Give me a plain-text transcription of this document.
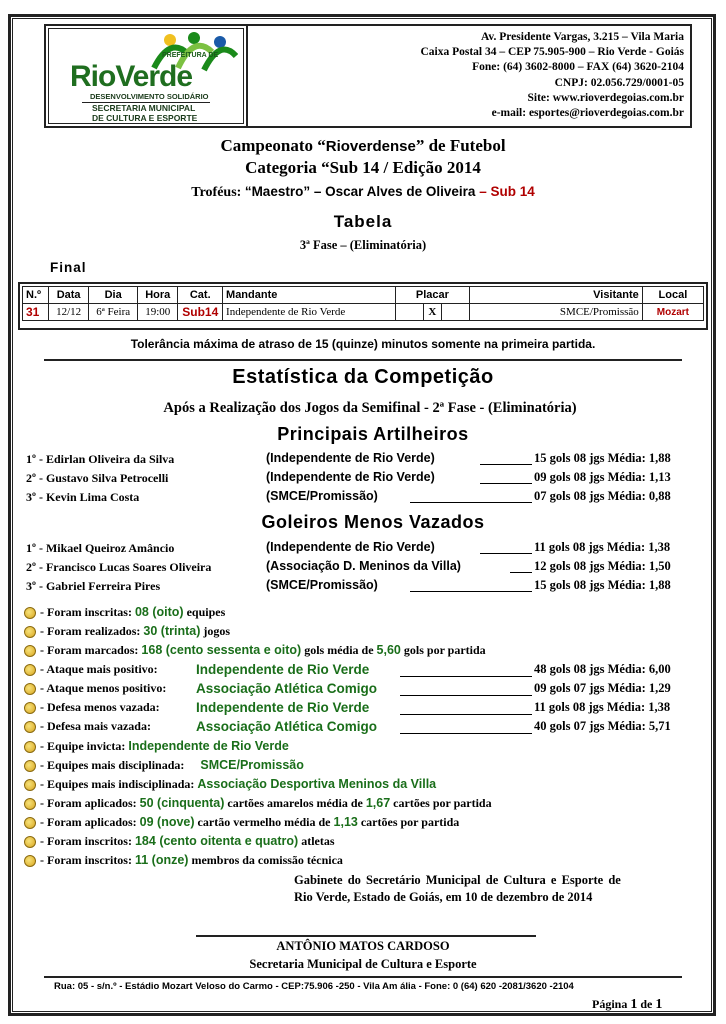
PREFEITURA DE
RioVerde
DESENVOLVIMENTO SOLIDÁRIO
SECRETARIA MUNICIPAL
DE CULTURA E ESPORTE
Av. Presidente Vargas, 3.215 – Vila Maria
Caixa Postal 34 – CEP 75.905-900 – Rio Verde - Goiás
Fone: (64) 3602-8000 – FAX (64) 3620-2104
CNPJ: 02.056.729/0001-05
Site: www.rioverdegoias.com.br
e-mail: esportes@rioverdegoias.com.br
Campeonato “Rioverdense” de Futebol
Categoria “Sub 14 / Edição 2014
Troféus: “Maestro” – Oscar Alves de Oliveira – Sub 14
Tabela
3ª Fase – (Eliminatória)
Final
N.º	Data	Dia	Hora	Cat.	Mandante	Placar			Visitante	Local
31	12/12	6ª Feira	19:00	Sub14	Independente de Rio Verde		X		SMCE/Promissão	Mozart
Tolerância máxima de atraso de 15 (quinze) minutos somente na primeira partida.
Estatística da Competição
Após a Realização dos Jogos da Semifinal - 2ª Fase - (Eliminatória)
Principais Artilheiros
1º - Edirlan Oliveira da Silva	(Independente de Rio Verde)	15 gols 08 jgs Média: 1,88
2º - Gustavo Silva Petrocelli	(Independente de Rio Verde)	09 gols 08 jgs Média: 1,13
3º - Kevin Lima Costa	(SMCE/Promissão)	07 gols 08 jgs Média: 0,88
Goleiros Menos Vazados
1º - Mikael Queiroz Amâncio	(Independente de Rio Verde)	11 gols 08 jgs Média: 1,38
2º - Francisco Lucas Soares Oliveira	(Associação D. Meninos da Villa)	12 gols 08 jgs Média: 1,50
3º - Gabriel Ferreira Pires	(SMCE/Promissão)	15 gols 08 jgs Média: 1,88
- Foram inscritas: 08 (oito) equipes
- Foram realizados: 30 (trinta) jogos
- Foram marcados: 168 (cento sessenta e oito) gols média de 5,60 gols por partida
- Ataque mais positivo:	Independente de Rio Verde	48 gols 08 jgs Média: 6,00
- Ataque menos positivo: Associação Atlética Comigo	09 gols 07 jgs Média: 1,29
- Defesa menos vazada:	Independente de Rio Verde	11 gols 08 jgs Média: 1,38
- Defesa mais vazada:	Associação Atlética Comigo	40 gols 07 jgs Média: 5,71
- Equipe invicta: Independente de Rio Verde
- Equipes mais disciplinada: SMCE/Promissão
- Equipes mais indisciplinada: Associação Desportiva Meninos da Villa
- Foram aplicados: 50 (cinquenta) cartões amarelos média de 1,67 cartões por partida
- Foram aplicados: 09 (nove) cartão vermelho média de 1,13 cartões por partida
- Foram inscritos: 184 (cento oitenta e quatro) atletas
- Foram inscritos: 11 (onze) membros da comissão técnica
Gabinete do Secretário Municipal de Cultura e Esporte de
Rio Verde, Estado de Goiás, em 10 de dezembro de 2014
ANTÔNIO MATOS CARDOSO
Secretaria Municipal de Cultura e Esporte
Rua: 05 - s/n.º - Estádio Mozart Veloso do Carmo - CEP:75.906 -250 - Vila Am ália - Fone: 0 (64) 620 -2081/3620 -2104
Página 1 de 1
